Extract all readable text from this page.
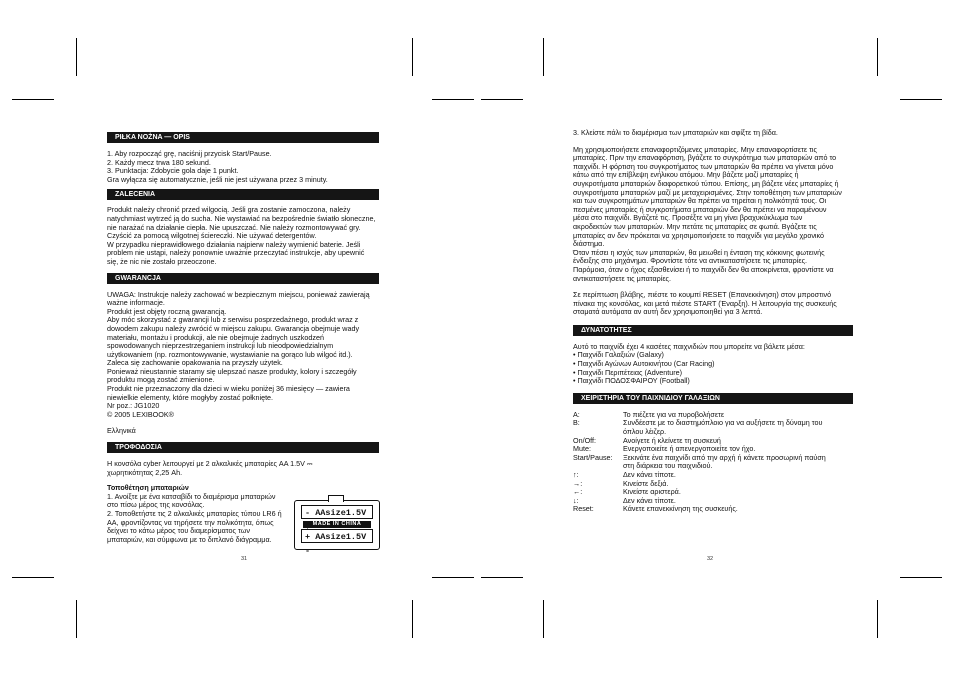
PIŁKA NOŻNA — OPIS

1. Aby rozpocząć grę, naciśnij przycisk Start/Pause.
2. Każdy mecz trwa 180 sekund.
3. Punktacja: Zdobycie gola daje 1 punkt.
Gra wyłącza się automatycznie, jeśli nie jest używana przez 3 minuty.

ZALECENIA

Produkt należy chronić przed wilgocią. Jeśli gra zostanie zamoczona, należy
natychmiast wytrzeć ją do sucha. Nie wystawiać na bezpośrednie światło słoneczne,
nie narażać na działanie ciepła. Nie upuszczać. Nie należy rozmontowywać gry.
Czyścić za pomocą wilgotnej ściereczki. Nie używać detergentów.
W przypadku nieprawidłowego działania najpierw należy wymienić baterie. Jeśli
problem nie ustąpi, należy ponownie uważnie przeczytać instrukcje, aby upewnić
się, że nic nie zostało przeoczone.

GWARANCJA

UWAGA: Instrukcje należy zachować w bezpiecznym miejscu, ponieważ zawierają
ważne informacje.
Produkt jest objęty roczną gwarancją.
Aby móc skorzystać z gwarancji lub z serwisu posprzedażnego, produkt wraz z
dowodem zakupu należy zwrócić w miejscu zakupu. Gwarancja obejmuje wady
materiału, montażu i produkcji, ale nie obejmuje żadnych uszkodzeń
spowodowanych nieprzestrzeganiem instrukcji lub nieodpowiedzialnym
użytkowaniem (np. rozmontowywanie, wystawianie na gorąco lub wilgoć itd.).
Zaleca się zachowanie opakowania na przyszły użytek.
Ponieważ nieustannie staramy się ulepszać nasze produkty, kolory i szczegóły
produktu mogą zostać zmienione.
Produkt nie przeznaczony dla dzieci w wieku poniżej 36 miesięcy — zawiera
niewielkie elementy, które mogłyby zostać połknięte.
Nr poz.: JG1020
© 2005 LEXIBOOK®

Ελληνικά

ΤΡΟΦΟΔΟΣΙΑ

Η κονσόλα cyber λειτουργεί με 2 αλκαλικές μπαταρίες AA 1.5V ⎓
χωρητικότητας 2,25 Ah.

Τοποθέτηση μπαταριών

1. Ανοίξτε με ένα κατσαβίδι το διαμέρισμα μπαταριών
στο πίσω μέρος της κονσόλας.
2. Τοποθετήστε τις 2 αλκαλικές μπαταρίες τύπου LR6 ή
AA, φροντίζοντας να τηρήσετε την πολικότητα, όπως
δείχνει το κάτω μέρος του διαμερίσματος των
μπαταριών, και σύμφωνα με το διπλανό διάγραμμα.

- AAsize1.5V
MADE IN CHINA
+ AAsize1.5V -
31

3. Κλείστε πάλι το διαμέρισμα των μπαταριών και σφίξτε τη βίδα.

Μη χρησιμοποιήσετε επαναφορτιζόμενες μπαταρίες. Μην επαναφορτίσετε τις
μπαταρίες. Πριν την επαναφόρτιση, βγάζετε το συγκρότημα των μπαταριών από το
παιχνίδι. Η φόρτιση του συγκροτήματος των μπαταριών θα πρέπει να γίνεται μόνο
κάτω από την επίβλεψη ενήλικου ατόμου. Μην βάζετε μαζί μπαταρίες ή
συγκροτήματα μπαταριών διαφορετικού τύπου. Επίσης, μη βάζετε νέες μπαταρίες ή
συγκροτήματα μπαταριών μαζί με μεταχειρισμένες. Στην τοποθέτηση των μπαταριών
και των συγκροτημάτων μπαταριών θα πρέπει να τηρείται η πολικότητά τους. Οι
πεσμένες μπαταρίες ή συγκροτήματα μπαταριών δεν θα πρέπει να παραμένουν
μέσα στο παιχνίδι. Βγάζετέ τις. Προσέξτε να μη γίνει βραχυκύκλωμα των
ακροδεκτών των μπαταριών. Μην πετάτε τις μπαταρίες σε φωτιά. Βγάζετε τις
μπαταρίες αν δεν πρόκειται να χρησιμοποιήσετε το παιχνίδι για μεγάλο χρονικό
διάστημα.
Όταν πέσει η ισχύς των μπαταριών, θα μειωθεί η ένταση της κόκκινης φωτεινής
ένδειξης στο μηχάνημα. Φροντίστε τότε να αντικαταστήσετε τις μπαταρίες.
Παρόμοια, όταν ο ήχος εξασθενίσει ή το παιχνίδι δεν θα αποκρίνεται, φροντίστε να
αντικαταστήσετε τις μπαταρίες.

Σε περίπτωση βλάβης, πιέστε το κουμπί RESET (Επανεκκίνηση) στον μπροστινό
πίνακα της κονσόλας, και μετά πιέστε START (Έναρξη). Η λειτουργία της συσκευής
σταματά αυτόματα αν αυτή δεν χρησιμοποιηθεί για 3 λεπτά.

ΔΥΝΑΤΟΤΗΤΕΣ

Αυτό το παιχνίδι έχει 4 κασέτες παιχνιδιών που μπορείτε να βάλετε μέσα:
• Παιχνίδι Γαλαξιών (Galaxy)
• Παιχνίδι Αγώνων Αυτοκινήτου (Car Racing)
• Παιχνίδι Περιπέτειας (Adventure)
• Παιχνίδι ΠΟΔΟΣΦΑΙΡΟΥ (Football)

ΧΕΙΡΙΣΤΗΡΙΑ ΤΟΥ ΠΑΙΧΝΙΔΙΟΥ ΓΑΛΑΞΙΩΝ
A:	Το πιέζετε για να πυροβολήσετε
B:	Συνδέεστε με το διαστημόπλοιο για να αυξήσετε τη δύναμη του
όπλου λέιζερ.
On/Off:	Ανοίγετε ή κλείνετε τη συσκευή
Mute:	Ενεργοποιείτε ή απενεργοποιείτε τον ήχο.
Start/Pause:	Ξεκινάτε ένα παιχνίδι από την αρχή ή κάνετε προσωρινή παύση
στη διάρκεια του παιχνιδιού.
↑:	Δεν κάνει τίποτε.
→:	Κινείστε δεξιά.
←:	Κινείστε αριστερά.
↓:	Δεν κάνει τίποτε.
Reset:	Κάνετε επανεκκίνηση της συσκευής.
32
